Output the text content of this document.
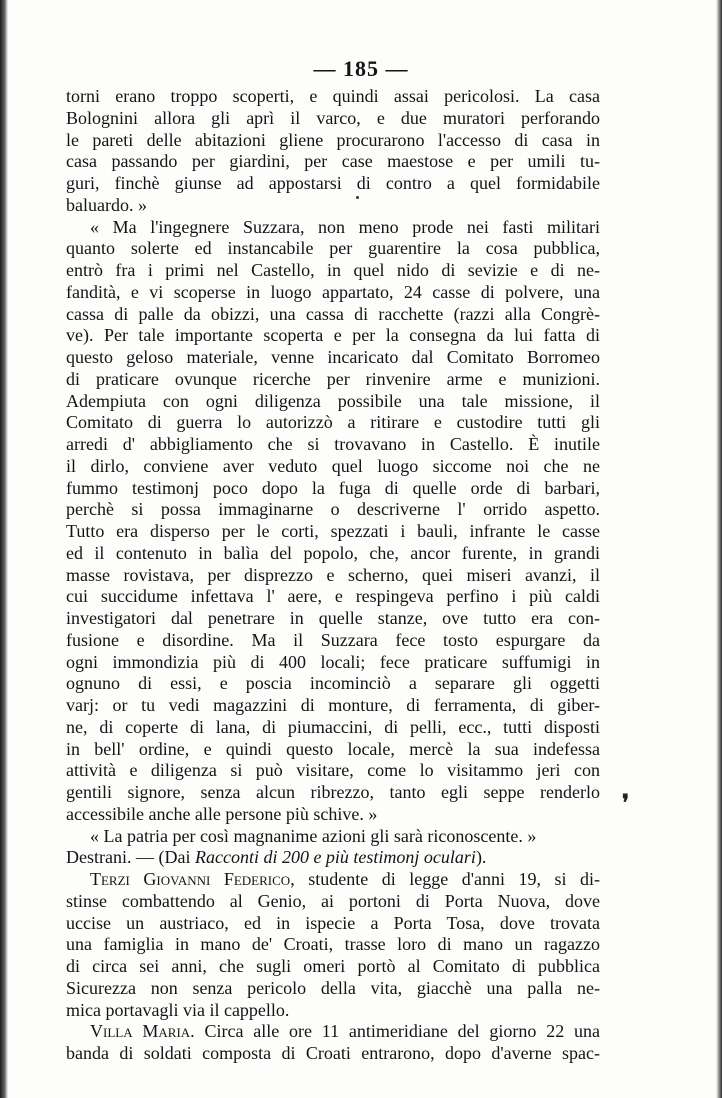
— 185 —
torni erano troppo scoperti, e quindi assai pericolosi. La casa
Bolognini allora gli aprì il varco, e due muratori perforando
le pareti delle abitazioni gliene procurarono l'accesso di casa in
casa passando per giardini, per case maestose e per umili tu-
guri, finchè giunse ad appostarsi di contro a quel formidabile
baluardo. »
« Ma l'ingegnere Suzzara, non meno prode nei fasti militari
quanto solerte ed instancabile per guarentire la cosa pubblica,
entrò fra i primi nel Castello, in quel nido di sevizie e di ne-
fandità, e vi scoperse in luogo appartato, 24 casse di polvere, una
cassa di palle da obizzi, una cassa di racchette (razzi alla Congrè-
ve). Per tale importante scoperta e per la consegna da lui fatta di
questo geloso materiale, venne incaricato dal Comitato Borromeo
di praticare ovunque ricerche per rinvenire arme e munizioni.
Adempiuta con ogni diligenza possibile una tale missione, il
Comitato di guerra lo autorizzò a ritirare e custodire tutti gli
arredi d' abbigliamento che si trovavano in Castello. È inutile
il dirlo, conviene aver veduto quel luogo siccome noi che ne
fummo testimonj poco dopo la fuga di quelle orde di barbari,
perchè si possa immaginarne o descriverne l' orrido aspetto.
Tutto era disperso per le corti, spezzati i bauli, infrante le casse
ed il contenuto in balìa del popolo, che, ancor furente, in grandi
masse rovistava, per disprezzo e scherno, quei miseri avanzi, il
cui succidume infettava l' aere, e respingeva perfino i più caldi
investigatori dal penetrare in quelle stanze, ove tutto era con-
fusione e disordine. Ma il Suzzara fece tosto espurgare da
ogni immondizia più di 400 locali; fece praticare suffumigi in
ognuno di essi, e poscia incominciò a separare gli oggetti
varj: or tu vedi magazzini di monture, di ferramenta, di giber-
ne, di coperte di lana, di piumaccini, di pelli, ecc., tutti disposti
in bell' ordine, e quindi questo locale, mercè la sua indefessa
attività e diligenza si può visitare, come lo visitammo jeri con
gentili signore, senza alcun ribrezzo, tanto egli seppe renderlo
accessibile anche alle persone più schive. »
« La patria per così magnanime azioni gli sarà riconoscente. »
Destrani. — (Dai Racconti di 200 e più testimonj oculari).
Terzi Giovanni Federico, studente di legge d'anni 19, si di-
stinse combattendo al Genio, ai portoni di Porta Nuova, dove
uccise un austriaco, ed in ispecie a Porta Tosa, dove trovata
una famiglia in mano de' Croati, trasse loro di mano un ragazzo
di circa sei anni, che sugli omeri portò al Comitato di pubblica
Sicurezza non senza pericolo della vita, giacchè una palla ne-
mica portavagli via il cappello.
Villa Maria. Circa alle ore 11 antimeridiane del giorno 22 una
banda di soldati composta di Croati entrarono, dopo d'averne spac-
❜
